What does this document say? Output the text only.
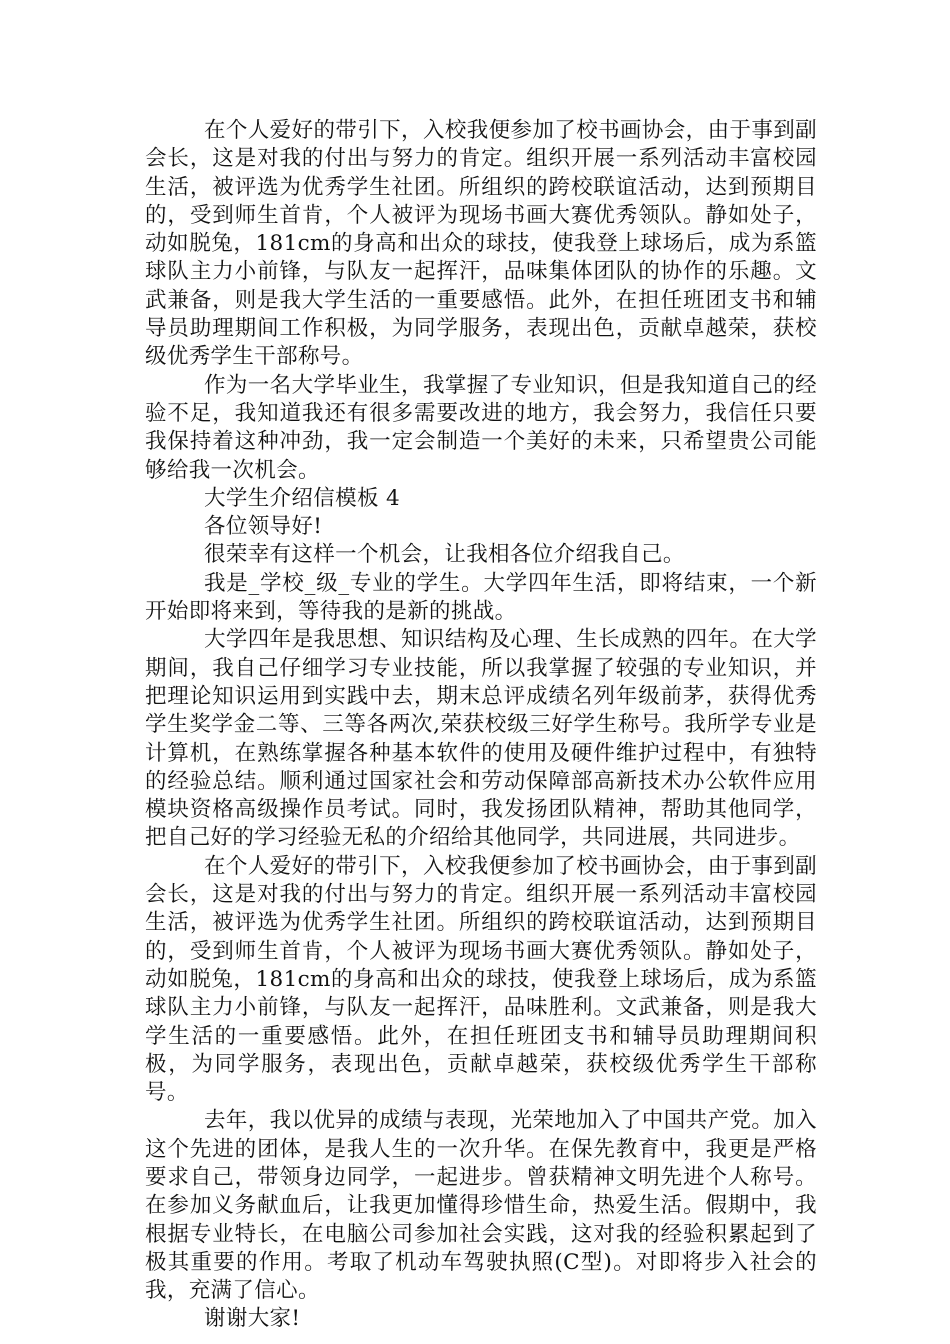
在个人爱好的带引下，入校我便参加了校书画协会，由于事到副会长，这是对我的付出与努力的肯定。组织开展一系列活动丰富校园生活，被评选为优秀学生社团。所组织的跨校联谊活动，达到预期目的，受到师生首肯，个人被评为现场书画大赛优秀领队。静如处子，动如脱兔，181cm的身高和出众的球技，使我登上球场后，成为系篮球队主力小前锋，与队友一起挥汗，品味集体团队的协作的乐趣。文武兼备，则是我大学生活的一重要感悟。此外，在担任班团支书和辅导员助理期间工作积极，为同学服务，表现出色，贡献卓越荣，获校级优秀学生干部称号。

作为一名大学毕业生，我掌握了专业知识，但是我知道自己的经验不足，我知道我还有很多需要改进的地方，我会努力，我信任只要我保持着这种冲劲，我一定会制造一个美好的未来，只希望贵公司能够给我一次机会。

大学生介绍信模板 4

各位领导好!

很荣幸有这样一个机会，让我相各位介绍我自己。

我是_学校_级_专业的学生。大学四年生活，即将结束，一个新开始即将来到，等待我的是新的挑战。

大学四年是我思想、知识结构及心理、生长成熟的四年。在大学期间，我自己仔细学习专业技能，所以我掌握了较强的专业知识，并把理论知识运用到实践中去，期末总评成绩名列年级前茅，获得优秀学生奖学金二等、三等各两次,荣获校级三好学生称号。我所学专业是计算机，在熟练掌握各种基本软件的使用及硬件维护过程中，有独特的经验总结。顺利通过国家社会和劳动保障部高新技术办公软件应用模块资格高级操作员考试。同时，我发扬团队精神，帮助其他同学，把自己好的学习经验无私的介绍给其他同学，共同进展，共同进步。

在个人爱好的带引下，入校我便参加了校书画协会，由于事到副会长，这是对我的付出与努力的肯定。组织开展一系列活动丰富校园生活，被评选为优秀学生社团。所组织的跨校联谊活动，达到预期目的，受到师生首肯，个人被评为现场书画大赛优秀领队。静如处子，动如脱兔，181cm的身高和出众的球技，使我登上球场后，成为系篮球队主力小前锋，与队友一起挥汗，品味胜利。文武兼备，则是我大学生活的一重要感悟。此外，在担任班团支书和辅导员助理期间积极，为同学服务，表现出色，贡献卓越荣，获校级优秀学生干部称号。

去年，我以优异的成绩与表现，光荣地加入了中国共产党。加入这个先进的团体，是我人生的一次升华。在保先教育中，我更是严格要求自己，带领身边同学，一起进步。曾获精神文明先进个人称号。在参加义务献血后，让我更加懂得珍惜生命，热爱生活。假期中，我根据专业特长，在电脑公司参加社会实践，这对我的经验积累起到了极其重要的作用。考取了机动车驾驶执照(C型)。对即将步入社会的我，充满了信心。

谢谢大家!
